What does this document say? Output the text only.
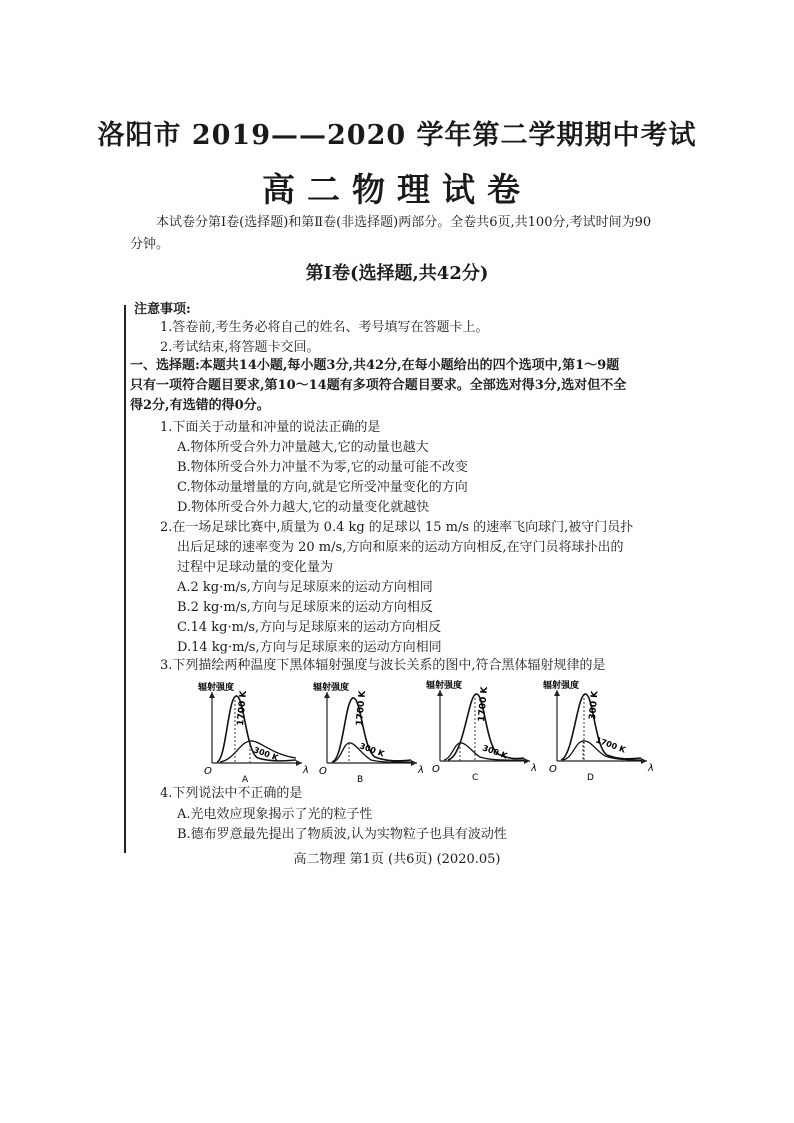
洛阳市 2019——2020 学年第二学期期中考试
高二物理试卷
本试卷分第Ⅰ卷(选择题)和第Ⅱ卷(非选择题)两部分。全卷共6页,共100分,考试时间为90分钟。
第Ⅰ卷(选择题,共42分)
注意事项:
1.答卷前,考生务必将自己的姓名、考号填写在答题卡上。
2.考试结束,将答题卡交回。
一、选择题:本题共14小题,每小题3分,共42分,在每小题给出的四个选项中,第1～9题
只有一项符合题目要求,第10～14题有多项符合题目要求。全部选对得3分,选对但不全
得2分,有选错的得0分。
1.下面关于动量和冲量的说法正确的是
A.物体所受合外力冲量越大,它的动量也越大
B.物体所受合外力冲量不为零,它的动量可能不改变
C.物体动量增量的方向,就是它所受冲量变化的方向
D.物体所受合外力越大,它的动量变化就越快
2.在一场足球比赛中,质量为 0.4 kg 的足球以 15 m/s 的速率飞向球门,被守门员扑
出后足球的速率变为 20 m/s,方向和原来的运动方向相反,在守门员将球扑出的
过程中足球动量的变化量为
A.2 kg·m/s,方向与足球原来的运动方向相同
B.2 kg·m/s,方向与足球原来的运动方向相反
C.14 kg·m/s,方向与足球原来的运动方向相反
D.14 kg·m/s,方向与足球原来的运动方向相同
3.下列描绘两种温度下黑体辐射强度与波长关系的图中,符合黑体辐射规律的是
辐射强度
O	λ
1700 K
300 K
A
辐射强度
O	λ
1700 K
300 K
B
辐射强度
O	λ
1700 K
300 K
C
辐射强度
O	λ
300 K
1700 K
D
4.下列说法中不正确的是
A.光电效应现象揭示了光的粒子性
B.德布罗意最先提出了物质波,认为实物粒子也具有波动性
高二物理 第1页 (共6页) (2020.05)
